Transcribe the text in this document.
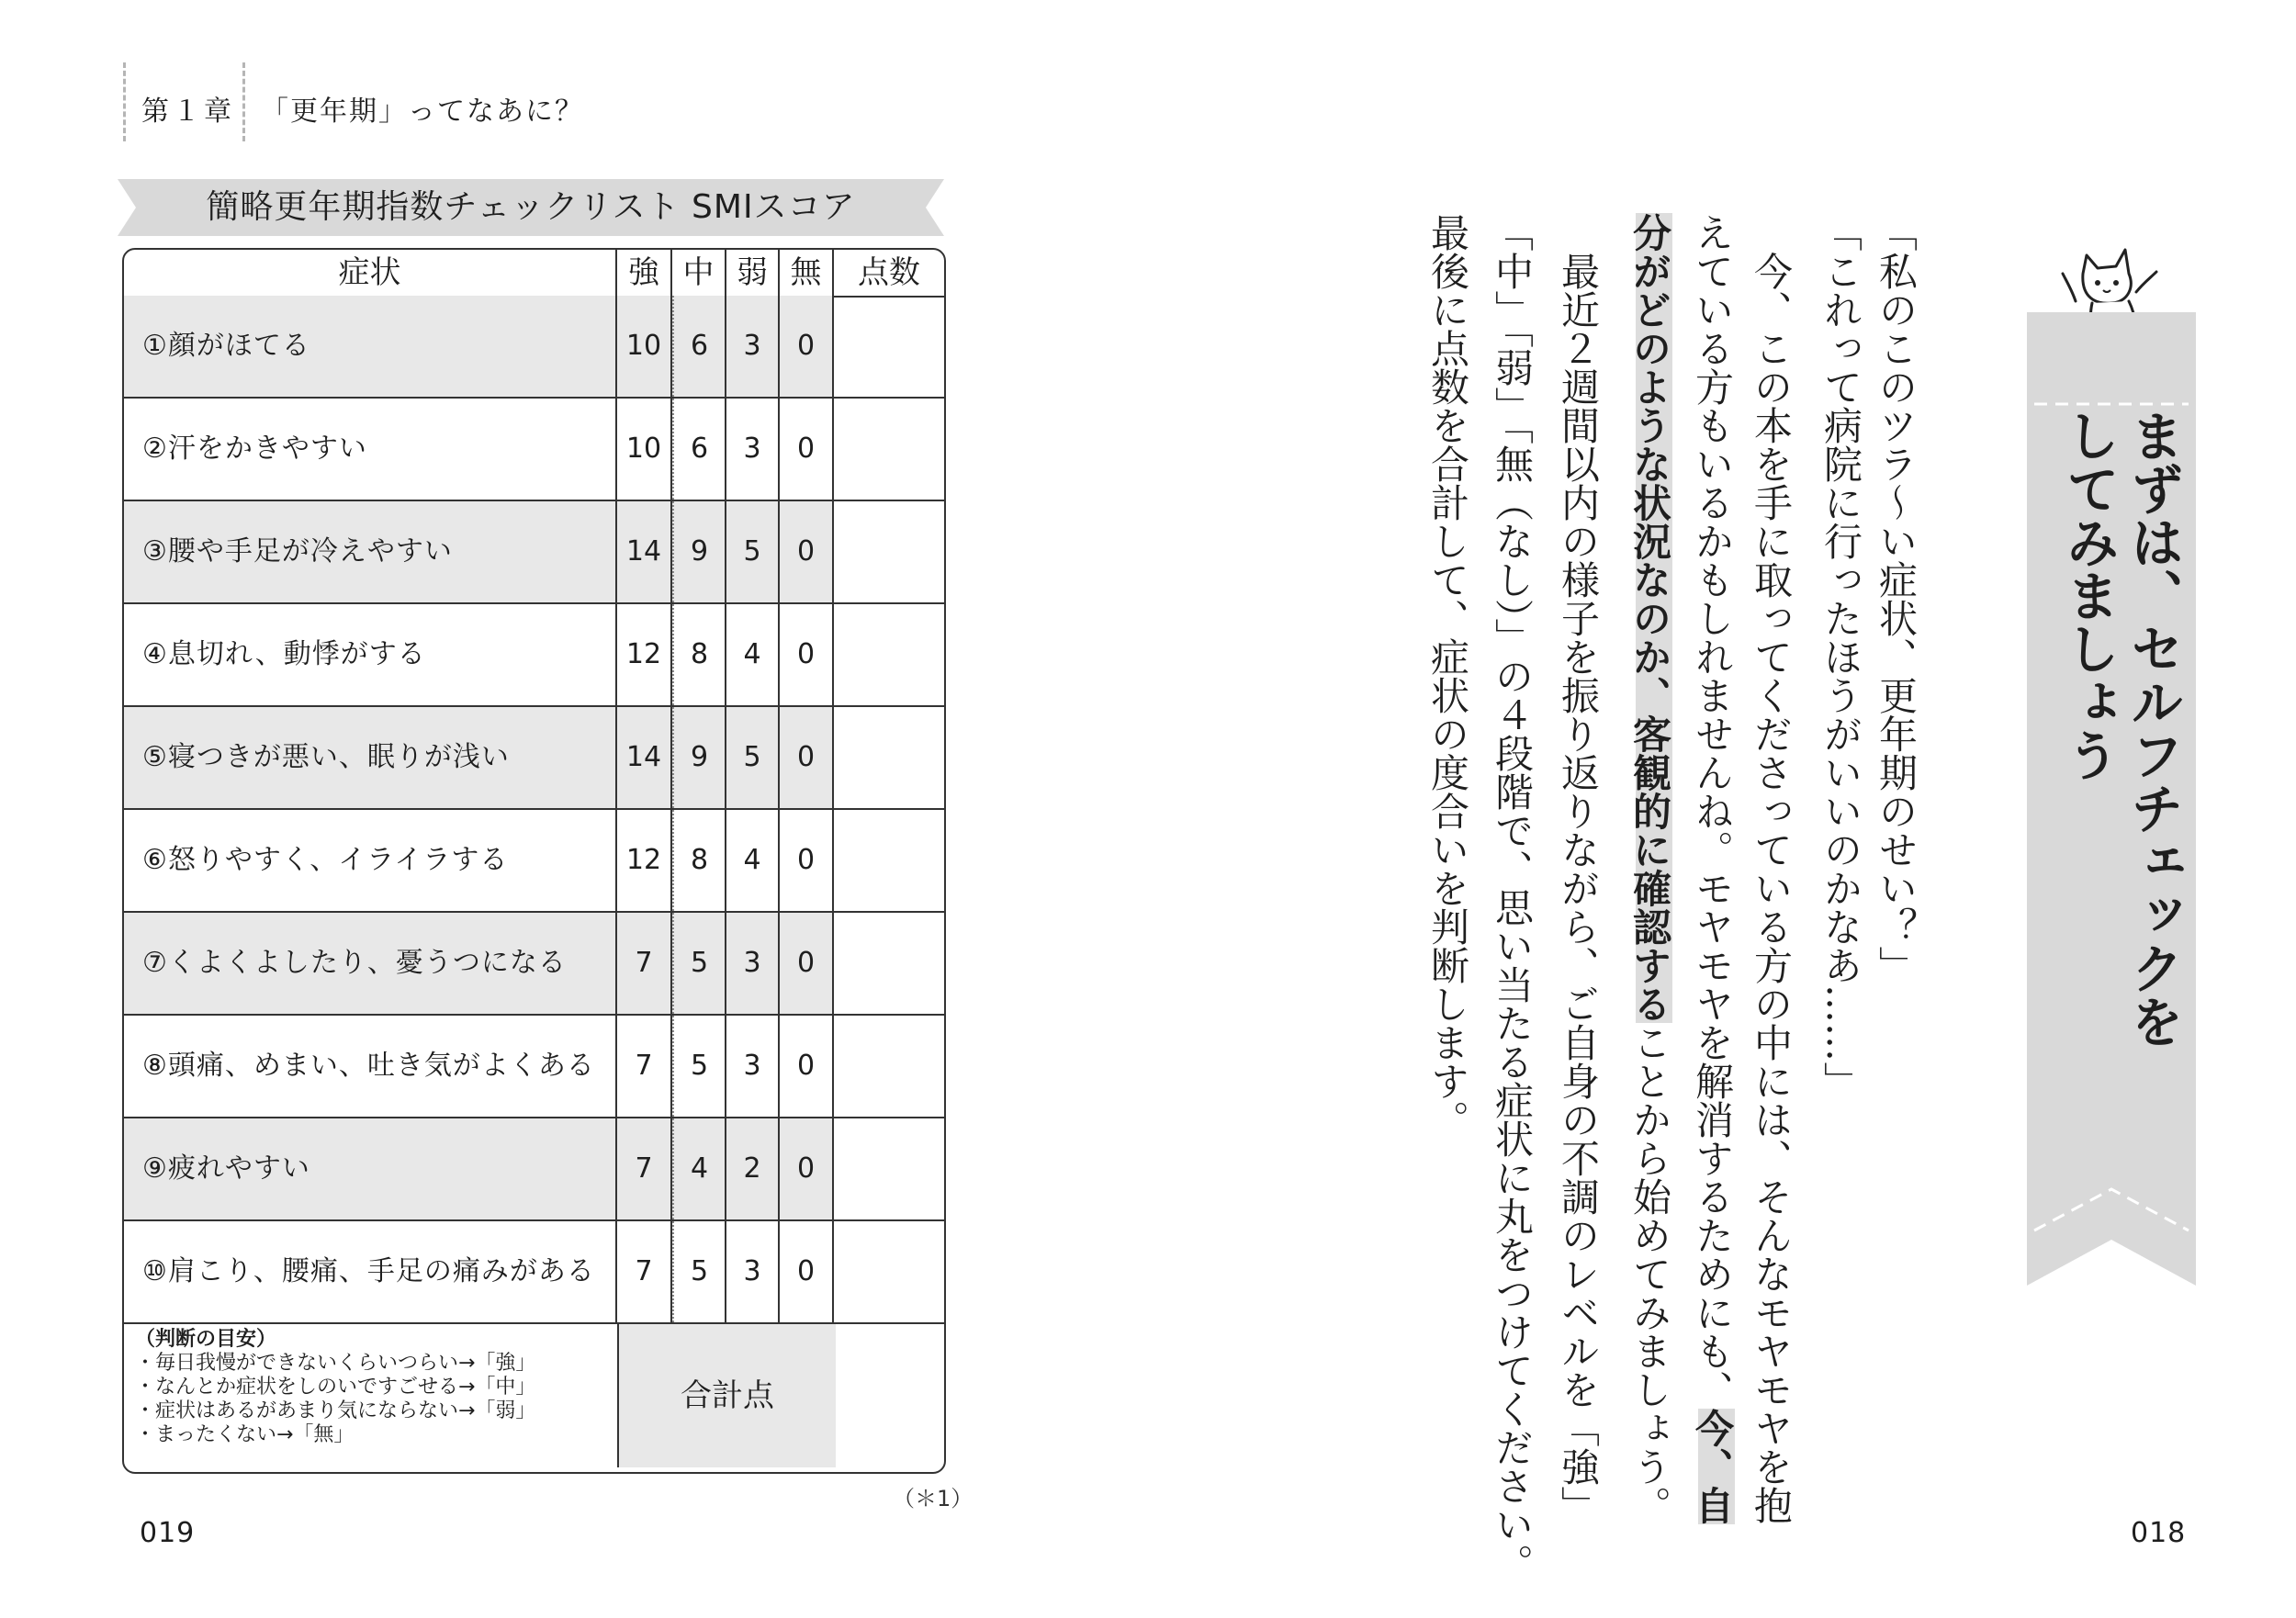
第１章 「更年期」ってなあに？
簡略更年期指数チェックリスト SMIスコア
症状	強 中 弱 無	点数
①顔がほてる	10	6	3	0
②汗をかきやすい	10	6	3	0
③腰や手足が冷えやすい	14	9	5	0
④息切れ、動悸がする	12	8	4	0
⑤寝つきが悪い、眠りが浅い	14	9	5	0
⑥怒りやすく、イライラする	12	8	4	0
⑦くよくよしたり、憂うつになる	7	5	3	0
⑧頭痛、めまい、吐き気がよくある	7	5	3	0
⑨疲れやすい	7	4	2	0
⑩肩こり、腰痛、手足の痛みがある	7	5	3	0
（判断の目安）
・毎日我慢ができないくらいつらい→「強」
・なんとか症状をしのいですごせる→「中」
・症状はあるがあまり気にならない→「弱」
・まったくない→「無」
合計点
（＊1）
019	018
まずは、セルフチェックを
してみましょう
「私のこのツラ〜い症状、更年期のせい？」
「これって病院に行ったほうがいいのかなあ……」
　今、この本を手に取ってくださっている方の中には、そんなモヤモヤを抱
えている方もいるかもしれませんね。モヤモヤを解消するためにも、今、自
分がどのような状況なのか、客観的に確認することから始めてみましょう。
　最近２週間以内の様子を振り返りながら、ご自身の不調のレベルを「強」
「中」「弱」「無（なし）」の４段階で、思い当たる症状に丸をつけてください。
最後に点数を合計して、症状の度合いを判断します。
